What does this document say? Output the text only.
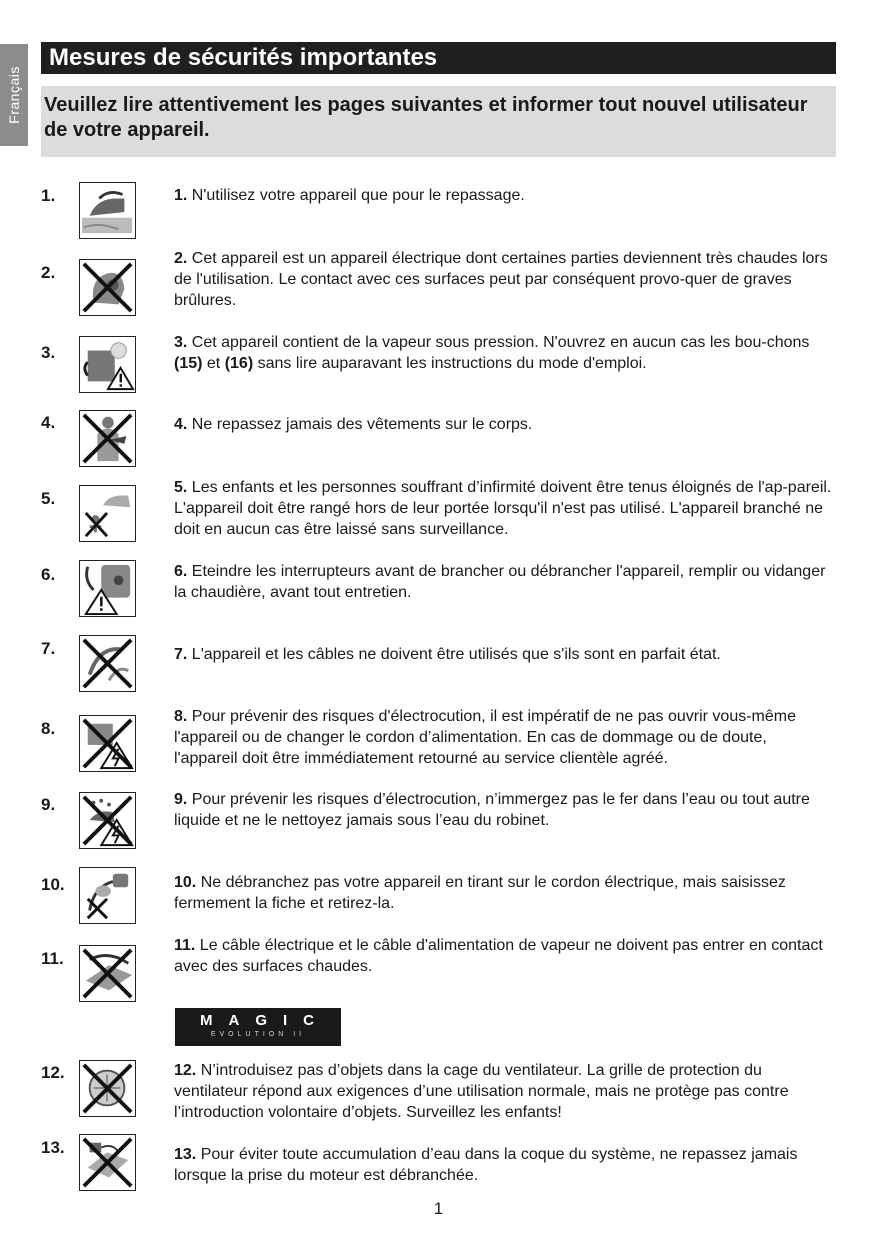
Français
Mesures de sécurités importantes
Veuillez lire attentivement les pages suivantes et informer tout nouvel utilisateur de votre appareil.
1.	1. N'utilisez votre appareil que pour le repassage.
2.
2. Cet appareil est un appareil électrique dont certaines parties deviennent très chaudes lors de l'utilisation. Le contact avec ces surfaces peut par conséquent provo-quer de graves brûlures.
3.
3. Cet appareil contient de la vapeur sous pression. N'ouvrez en aucun cas les bou-chons (15) et (16) sans lire auparavant les instructions du mode d'emploi.
4.	4. Ne repassez jamais des vêtements sur le corps.
5.
5. Les enfants et les personnes souffrant d’infirmité doivent être tenus éloignés de l'ap-pareil. L'appareil doit être rangé hors de leur portée lorsqu'il n'est pas utilisé. L'appareil branché ne doit en aucun cas être laissé sans surveillance.
6.	6. Eteindre les interrupteurs avant de brancher ou débrancher l'appareil, remplir ou vidanger la chaudière, avant tout entretien.
7.	7. L'appareil et les câbles ne doivent être utilisés que s'ils sont en parfait état.
8.
8. Pour prévenir des risques d'électrocution, il est impératif de ne pas ouvrir vous-même l'appareil ou de changer le cordon d’alimentation. En cas de dommage ou de doute, l'appareil doit être immédiatement retourné au service clientèle agréé.
9.	9. Pour prévenir les risques d’électrocution, n’immergez pas le fer dans l’eau ou tout autre liquide et ne le nettoyez jamais sous l’eau du robinet.
10.	10. Ne débranchez pas votre appareil en tirant sur le cordon électrique, mais saisissez fermement la fiche et retirez-la.
11.
11. Le câble électrique et le câble d'alimentation de vapeur ne doivent pas entrer en contact avec des surfaces chaudes.
MAGIC
EVOLUTION II
12.	12. N’introduisez pas d’objets dans la cage du ventilateur. La grille de protection du ventilateur répond aux exigences d’une utilisation normale, mais ne protège pas contre l’introduction volontaire d’objets. Surveillez les enfants!
13.	13. Pour éviter toute accumulation d’eau dans la coque du système, ne repassez jamais lorsque la prise du moteur est débranchée.
1
